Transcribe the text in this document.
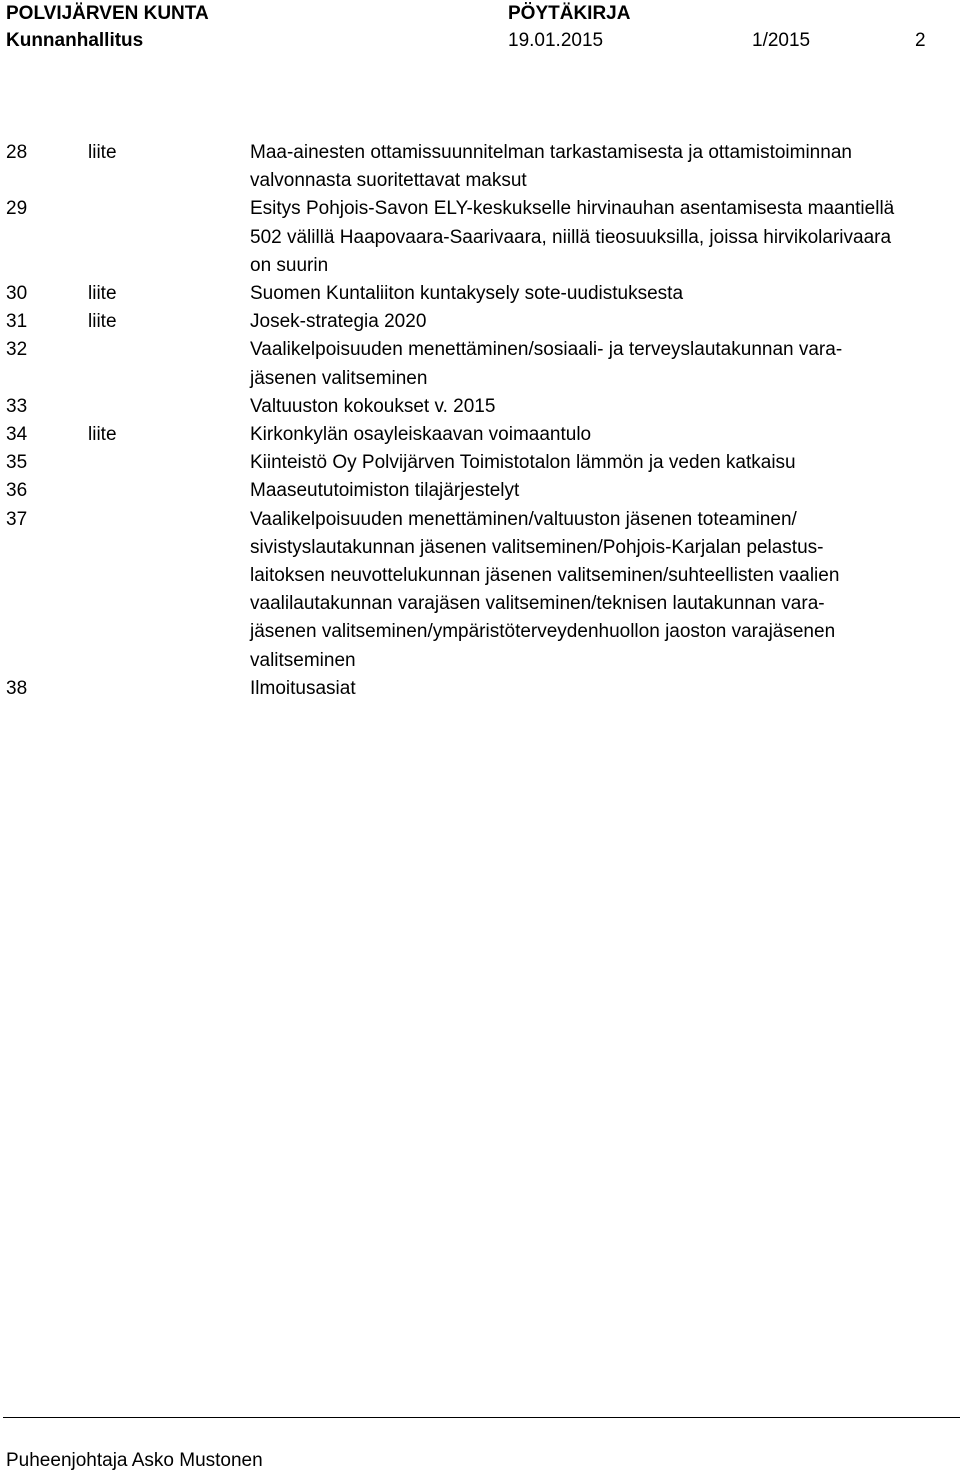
POLVIJÄRVEN KUNTA	PÖYTÄKIRJA
Kunnanhallitus	19.01.2015	1/2015	2
28	liite	Maa-ainesten ottamissuunnitelman tarkastamisesta ja ottamistoiminnan
valvonnasta suoritettavat maksut
29	Esitys Pohjois-Savon ELY-keskukselle hirvinauhan asentamisesta maantiellä
502 välillä Haapovaara-Saarivaara, niillä tieosuuksilla, joissa hirvikolarivaara
on suurin
30	liite	Suomen Kuntaliiton kuntakysely sote-uudistuksesta
31	liite	Josek-strategia 2020
32	Vaalikelpoisuuden menettäminen/sosiaali- ja terveyslautakunnan vara-
jäsenen valitseminen
33	Valtuuston kokoukset v. 2015
34	liite	Kirkonkylän osayleiskaavan voimaantulo
35	Kiinteistö Oy Polvijärven Toimistotalon lämmön ja veden katkaisu
36	Maaseututoimiston tilajärjestelyt
37	Vaalikelpoisuuden menettäminen/valtuuston jäsenen toteaminen/
sivistyslautakunnan jäsenen valitseminen/Pohjois-Karjalan pelastus-
laitoksen neuvottelukunnan jäsenen valitseminen/suhteellisten vaalien
vaalilautakunnan varajäsen valitseminen/teknisen lautakunnan vara-
jäsenen valitseminen/ympäristöterveydenhuollon jaoston varajäsenen
valitseminen
38	Ilmoitusasiat
Puheenjohtaja Asko Mustonen
